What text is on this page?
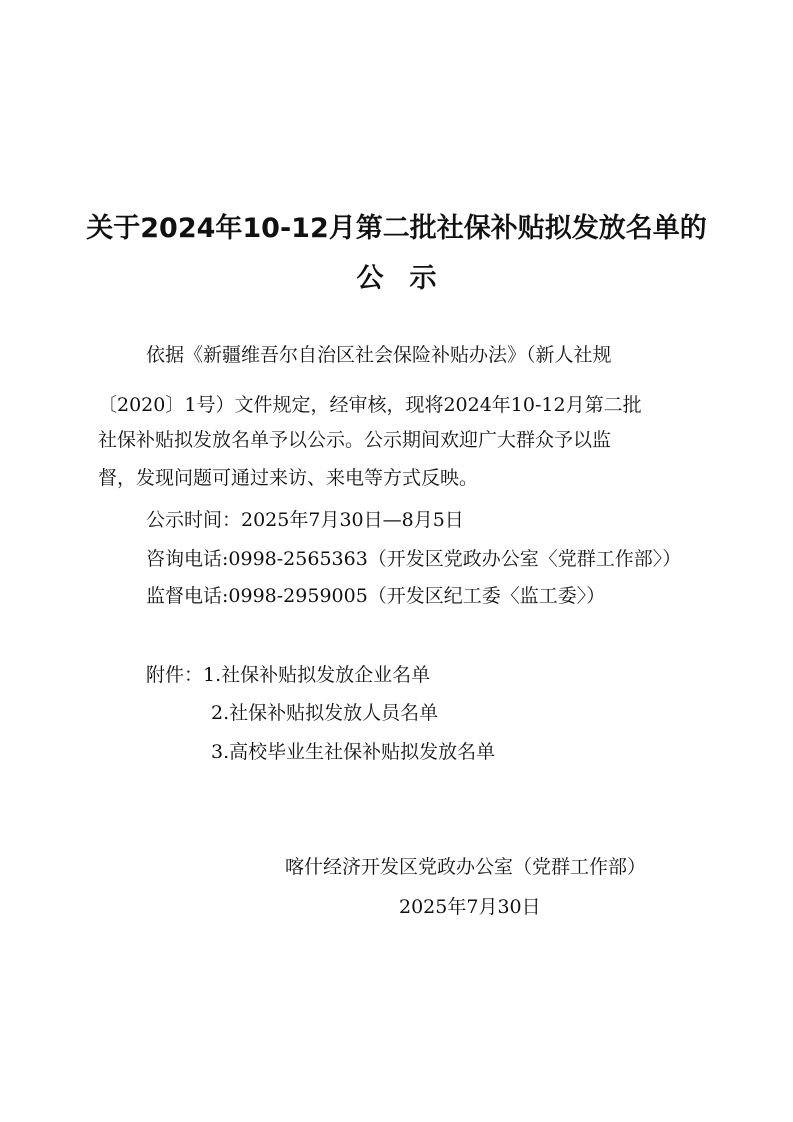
关于2024年10-12月第二批社保补贴拟发放名单的
公示
依据《新疆维吾尔自治区社会保险补贴办法》（新人社规
〔2020〕1号）文件规定，经审核，现将2024年10-12月第二批
社保补贴拟发放名单予以公示。公示期间欢迎广大群众予以监
督，发现问题可通过来访、来电等方式反映。
公示时间：2025年7月30日—8月5日
咨询电话:0998-2565363（开发区党政办公室〈党群工作部〉）
监督电话:0998-2959005（开发区纪工委〈监工委〉）
附件：1.社保补贴拟发放企业名单
2.社保补贴拟发放人员名单
3.高校毕业生社保补贴拟发放名单
喀什经济开发区党政办公室（党群工作部）
2025年7月30日
